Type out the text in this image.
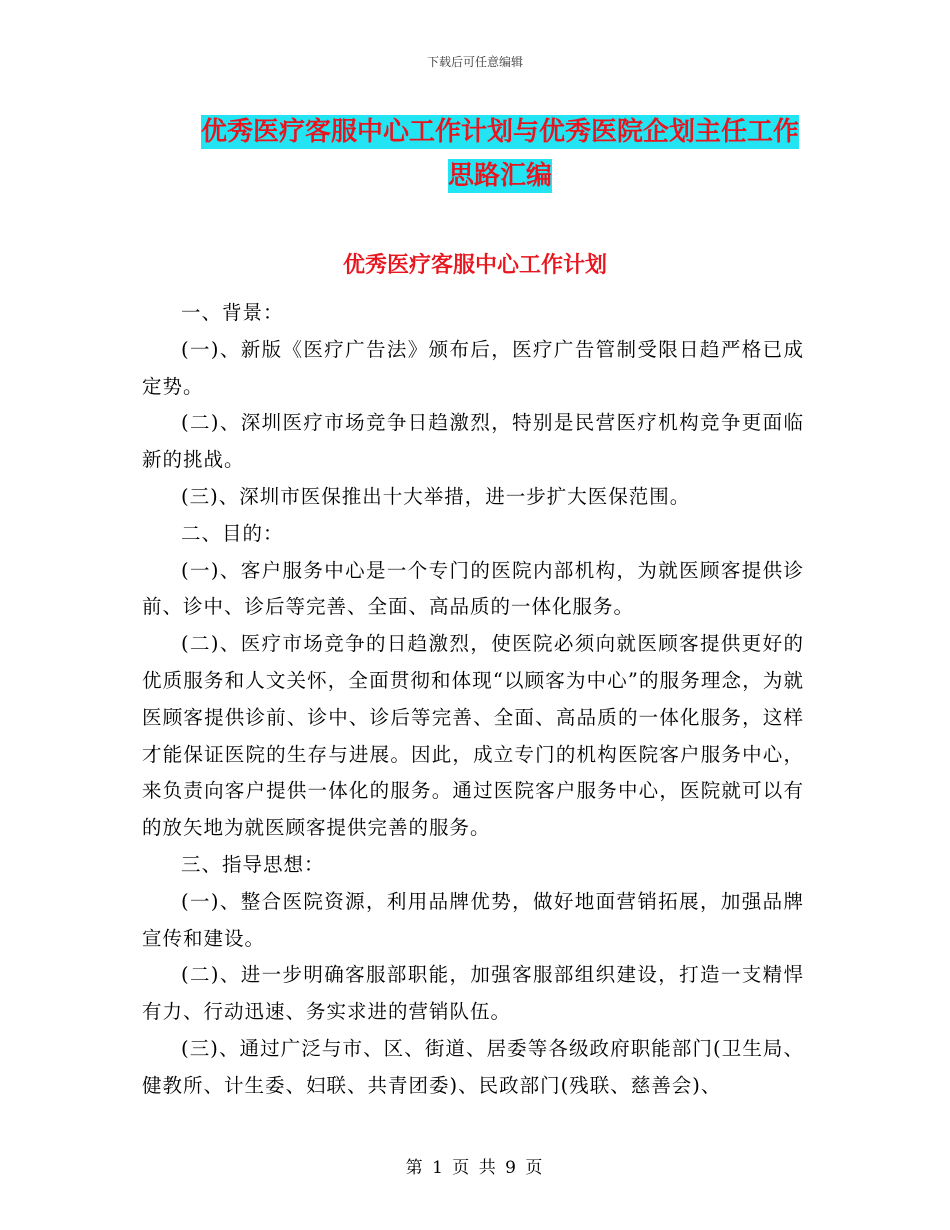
下载后可任意编辑
优秀医疗客服中心工作计划与优秀医院企划主任工作
思路汇编
优秀医疗客服中心工作计划

一、背景：

(一)、新版《医疗广告法》颁布后，医疗广告管制受限日趋严格已成定势。

(二)、深圳医疗市场竞争日趋激烈，特别是民营医疗机构竞争更面临新的挑战。

(三)、深圳市医保推出十大举措，进一步扩大医保范围。

二、目的：

(一)、客户服务中心是一个专门的医院内部机构，为就医顾客提供诊前、诊中、诊后等完善、全面、高品质的一体化服务。

(二)、医疗市场竞争的日趋激烈，使医院必须向就医顾客提供更好的优质服务和人文关怀，全面贯彻和体现“以顾客为中心”的服务理念，为就医顾客提供诊前、诊中、诊后等完善、全面、高品质的一体化服务，这样才能保证医院的生存与进展。因此，成立专门的机构医院客户服务中心，来负责向客户提供一体化的服务。通过医院客户服务中心，医院就可以有的放矢地为就医顾客提供完善的服务。

三、指导思想：

(一)、整合医院资源，利用品牌优势，做好地面营销拓展，加强品牌宣传和建设。

(二)、进一步明确客服部职能，加强客服部组织建设，打造一支精悍有力、行动迅速、务实求进的营销队伍。

(三)、通过广泛与市、区、街道、居委等各级政府职能部门(卫生局、健教所、计生委、妇联、共青团委)、民政部门(残联、慈善会)、

第 1 页 共 9 页
